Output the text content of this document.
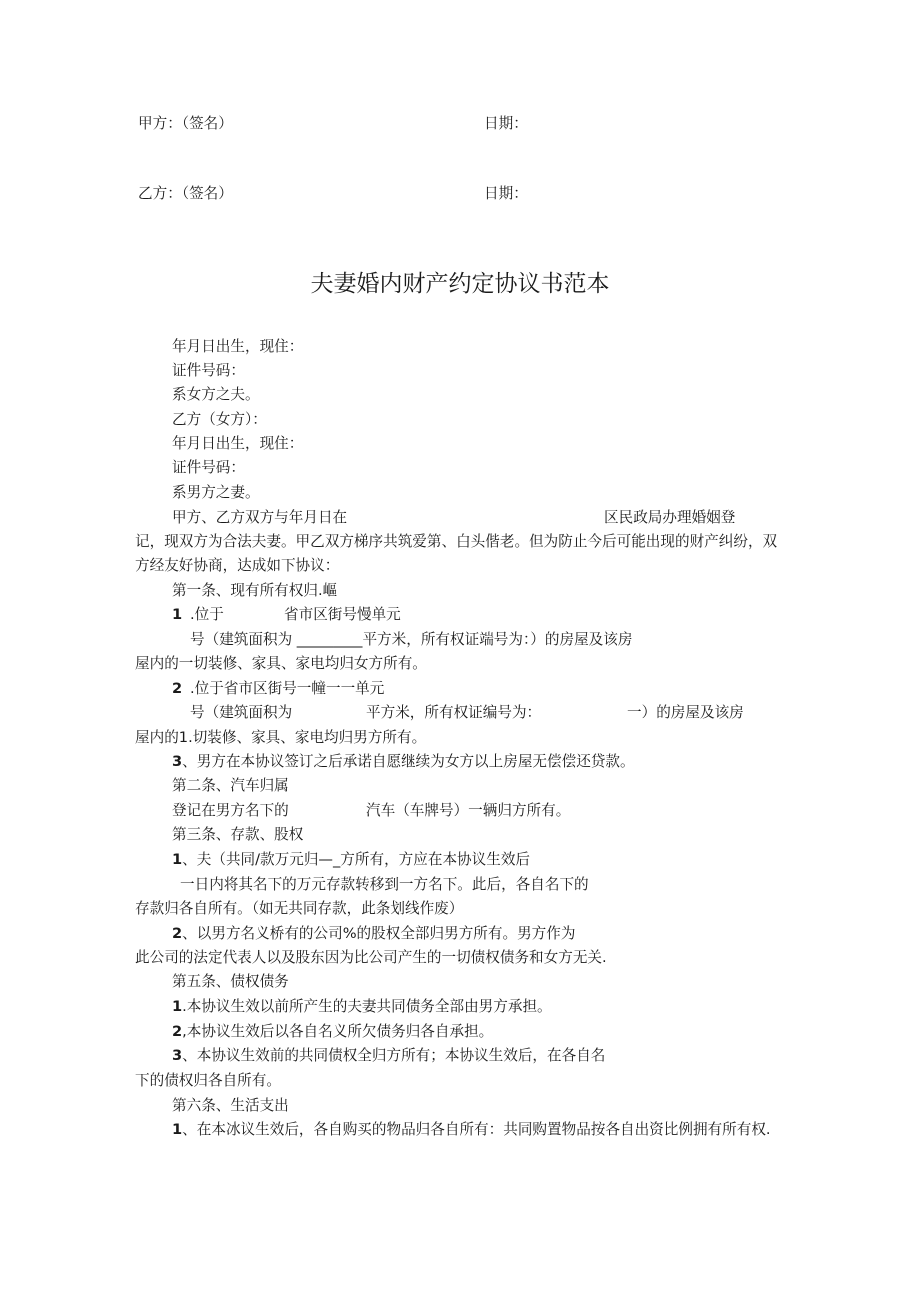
甲方：（签名）	日期：
乙方：（签名）	日期：
夫妻婚内财产约定协议书范本
年月日出生，现住：
证件号码：
系女方之夫。
乙方（女方）：
年月日出生，现住：
证件号码：
系男方之妻。
甲方、乙方双方与年月日在	区民政局办理婚姻登
记，现双方为合法夫妻。甲乙双方梯序共筑爱第、白头偕老。但为防止今后可能出现的财产纠纷，双
方经友好协商，达成如下协议：
第一条、现有所有权归.嶇
1 .位于	省市区街号慢单元
号（建筑面积为 _________平方米，所有权证端号为：）的房屋及该房
屋内的一切装修、家具、家电均归女方所有。
2 .位于省市区街号一幢一一单元
号（建筑面积为	平方米，所有权证编号为：	一）的房屋及该房
屋内的1.切装修、家具、家电均归男方所有。
3、男方在本协议签订之后承诺自愿继续为女方以上房屋无偿偿还贷款。
第二条、汽车归属
登记在男方名下的	汽车（车牌号）一辆归方所有。
第三条、存款、股权
1、夫（共同/款万元归—_方所有，方应在本协议生效后
一日内将其名下的万元存款转移到一方名下。此后，各自名下的
存款归各自所有。（如无共同存款，此条划线作废）
2、以男方名义桥有的公司%的股权全部归男方所有。男方作为
此公司的法定代表人以及股东因为比公司产生的一切债权债务和女方无关.
第五条、债权债务
1.本协议生效以前所产生的夫妻共同债务全部由男方承担。
2,本协议生效后以各自名义所欠债务归各自承担。
3、本协议生效前的共同债权全归方所有；本协议生效后，在各自名
下的债权归各自所有。
第六条、生活支出
1、在本冰议生效后，各自购买的物品归各自所有：共同购置物品按各自出资比例拥有所有权.
